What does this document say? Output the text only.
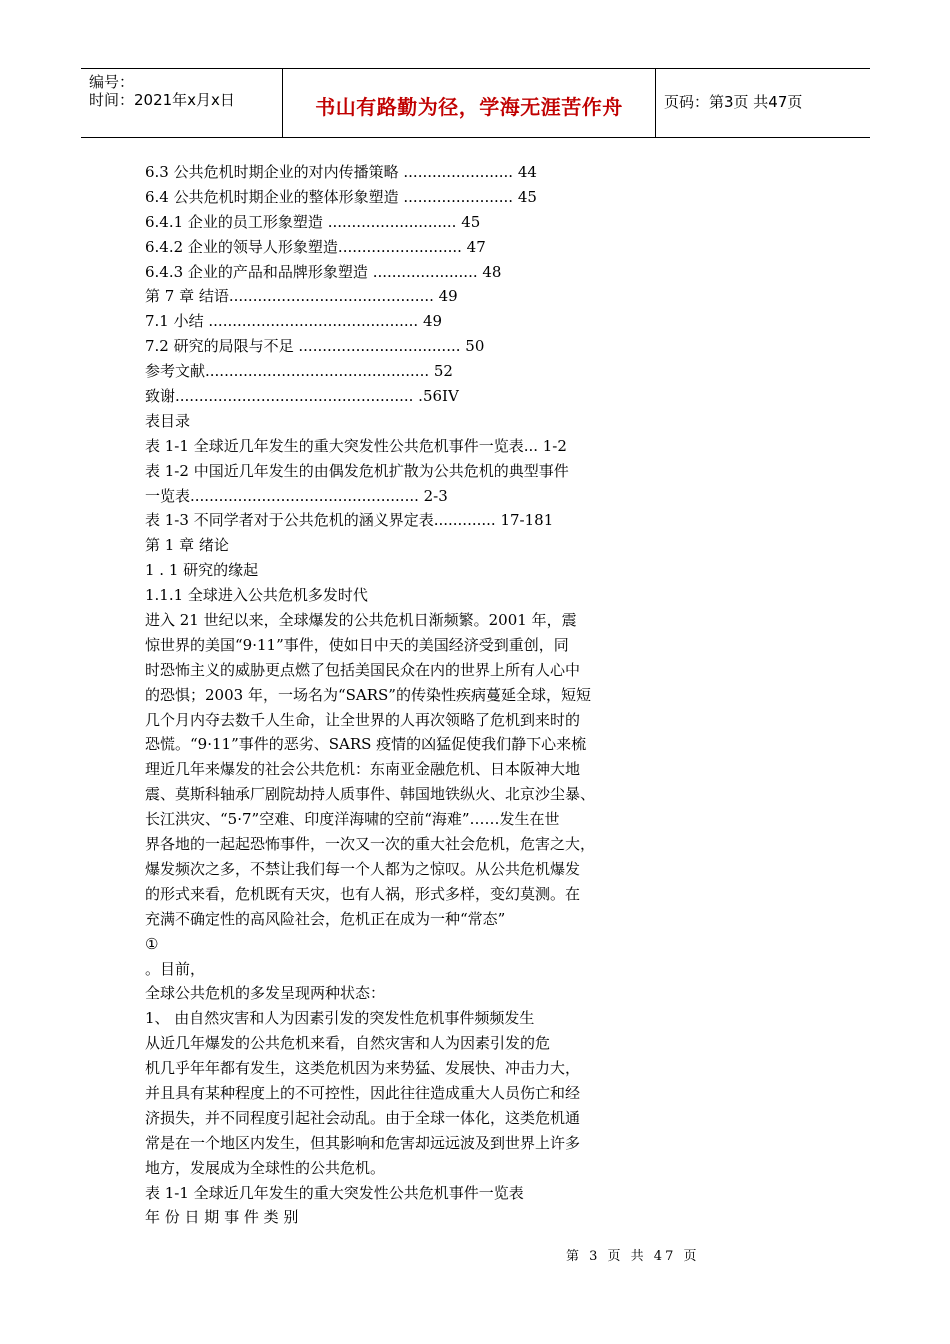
编号：
时间：2021年x月x日	书山有路勤为径，学海无涯苦作舟	页码：第3页 共47页
6.3 公共危机时期企业的对内传播策略 ....................... 44
6.4 公共危机时期企业的整体形象塑造 ....................... 45
6.4.1 企业的员工形象塑造 ........................... 45
6.4.2 企业的领导人形象塑造.......................... 47
6.4.3 企业的产品和品牌形象塑造 ...................... 48
第 7 章 结语........................................... 49
7.1 小结 ............................................ 49
7.2 研究的局限与不足 .................................. 50
参考文献............................................... 52
致谢.................................................. .56IV
表目录
表 1-1 全球近几年发生的重大突发性公共危机事件一览表... 1-2
表 1-2 中国近几年发生的由偶发危机扩散为公共危机的典型事件
一览表................................................ 2-3
表 1-3 不同学者对于公共危机的涵义界定表............. 17-181
第 1 章 绪论
1 . 1 研究的缘起
1.1.1 全球进入公共危机多发时代
进入 21 世纪以来，全球爆发的公共危机日渐频繁。2001 年，震
惊世界的美国“9·11”事件，使如日中天的美国经济受到重创，同
时恐怖主义的威胁更点燃了包括美国民众在内的世界上所有人心中
的恐惧；2003 年，一场名为“SARS”的传染性疾病蔓延全球，短短
几个月内夺去数千人生命，让全世界的人再次领略了危机到来时的
恐慌。“9·11”事件的恶劣、SARS 疫情的凶猛促使我们静下心来梳
理近几年来爆发的社会公共危机：东南亚金融危机、日本阪神大地
震、莫斯科轴承厂剧院劫持人质事件、韩国地铁纵火、北京沙尘暴、
长江洪灾、“5·7”空难、印度洋海啸的空前“海难”……发生在世
界各地的一起起恐怖事件，一次又一次的重大社会危机，危害之大，
爆发频次之多，不禁让我们每一个人都为之惊叹。从公共危机爆发
的形式来看，危机既有天灾，也有人祸，形式多样，变幻莫测。在
充满不确定性的高风险社会，危机正在成为一种“常态”
①
。目前，
全球公共危机的多发呈现两种状态：
1、 由自然灾害和人为因素引发的突发性危机事件频频发生
从近几年爆发的公共危机来看，自然灾害和人为因素引发的危
机几乎年年都有发生，这类危机因为来势猛、发展快、冲击力大，
并且具有某种程度上的不可控性，因此往往造成重大人员伤亡和经
济损失，并不同程度引起社会动乱。由于全球一体化，这类危机通
常是在一个地区内发生，但其影响和危害却远远波及到世界上许多
地方，发展成为全球性的公共危机。
表 1-1 全球近几年发生的重大突发性公共危机事件一览表
年 份 日 期 事 件 类 别
第 3 页 共 47 页
